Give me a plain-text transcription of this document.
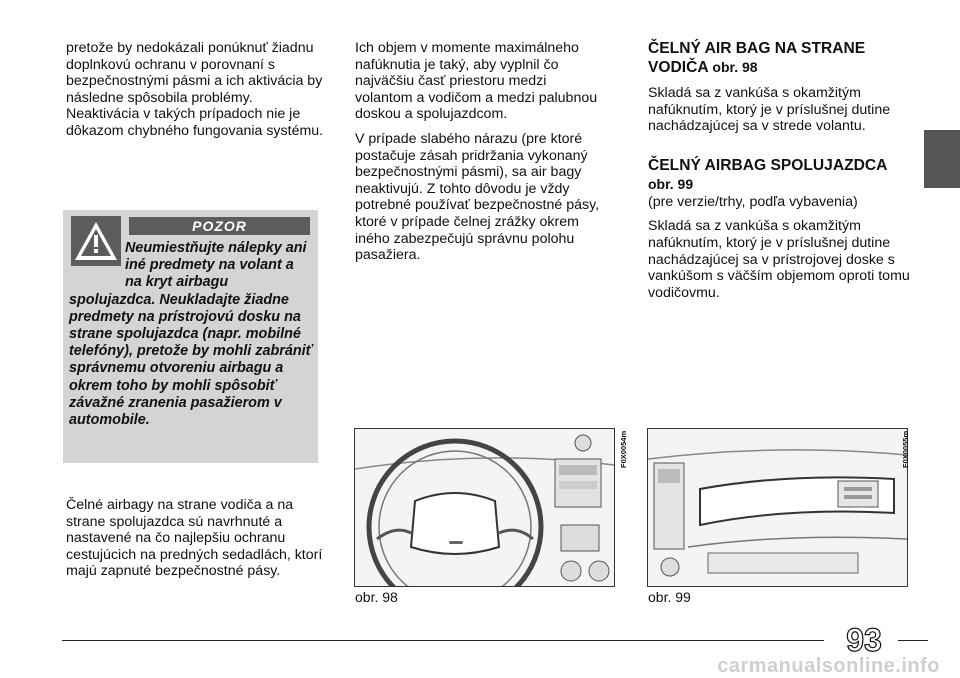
pretože by nedokázali ponúknuť žiadnu doplnkovú ochranu v porovnaní s bezpečnostnými pásmi a ich aktivácia by následne spôsobila problémy.

Neaktivácia v takých prípadoch nie je dôkazom chybného fungovania systému.

POZOR
Neumiestňujte nálepky ani iné predmety na volant a na kryt airbagu spolujazdca. Neukladajte žiadne predmety na prístrojovú dosku na strane spolujazdca (napr. mobilné telefóny), pretože by mohli zabrániť správnemu otvoreniu airbagu a okrem toho by mohli spôsobiť závažné zranenia pasažierom v automobile.
Čelné airbagy na strane vodiča a na strane spolujazdca sú navrhnuté a nastavené na čo najlepšiu ochranu cestujúcich na predných sedadlách, ktorí majú zapnuté bezpečnostné pásy.

Ich objem v momente maximálneho nafúknutia je taký, aby vyplnil čo najväčšiu časť priestoru medzi volantom a vodičom a medzi palubnou doskou a spolujazdcom.

V prípade slabého nárazu (pre ktoré postačuje zásah pridržania vykonaný bezpečnostnými pásmi), sa air bagy neaktivujú. Z tohto dôvodu je vždy potrebné používať bezpečnostné pásy, ktoré v prípade čelnej zrážky okrem iného zabezpečujú správnu polohu pasažiera.

ČELNÝ AIR BAG NA STRANE VODIČA obr. 98

Skladá sa z vankúša s okamžitým nafúknutím, ktorý je v príslušnej dutine nachádzajúcej sa v strede volantu.

ČELNÝ AIRBAG SPOLUJAZDCA obr. 99

(pre verzie/trhy, podľa vybavenia)

Skladá sa z vankúša s okamžitým nafúknutím, ktorý je v príslušnej dutine nachádzajúcej sa v prístrojovej doske s vankúšom s väčším objemom oproti tomu vodičovmu.

F0X0054m
obr. 98
F0X0055m
obr. 99
93
carmanualsonline.info
